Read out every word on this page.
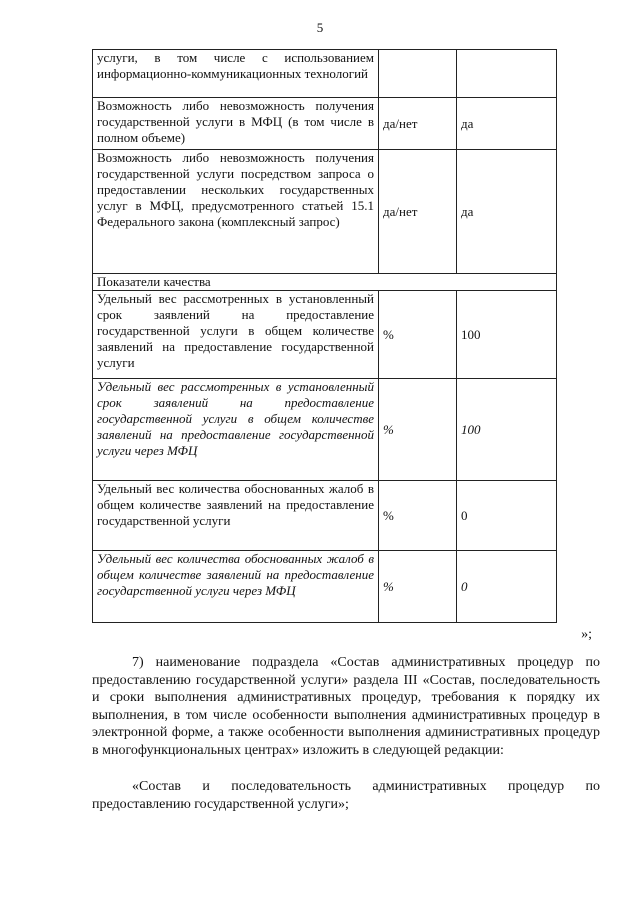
5
услуги, в том числе с использованием информационно-коммуникационных технологий		
Возможность либо невозможность получения государственной услуги в МФЦ (в том числе в полном объеме)	да/нет	да
Возможность либо невозможность получения государственной услуги посредством запроса о предоставлении нескольких государственных услуг в МФЦ, предусмотренного статьей 15.1 Федерального закона (комплексный запрос)	да/нет	да
Показатели качества		
Удельный вес рассмотренных в установленный срок заявлений на предоставление государственной услуги в общем количестве заявлений на предоставление государственной услуги	%	100
Удельный вес рассмотренных в установленный срок заявлений на предоставление государственной услуги в общем количестве заявлений на предоставление государственной услуги через МФЦ	%	100
Удельный вес количества обоснованных жалоб в общем количестве заявлений на предоставление государственной услуги	%	0
Удельный вес количества обоснованных жалоб в общем количестве заявлений на предоставление государственной услуги через МФЦ	%	0
»;

7) наименование подраздела «Состав административных процедур по предоставлению государственной услуги» раздела III «Состав, последовательность и сроки выполнения административных процедур, требования к порядку их выполнения, в том числе особенности выполнения административных процедур в электронной форме, а также особенности выполнения административных процедур в многофункциональных центрах» изложить в следующей редакции:

«Состав и последовательность административных процедур по предоставлению государственной услуги»;
